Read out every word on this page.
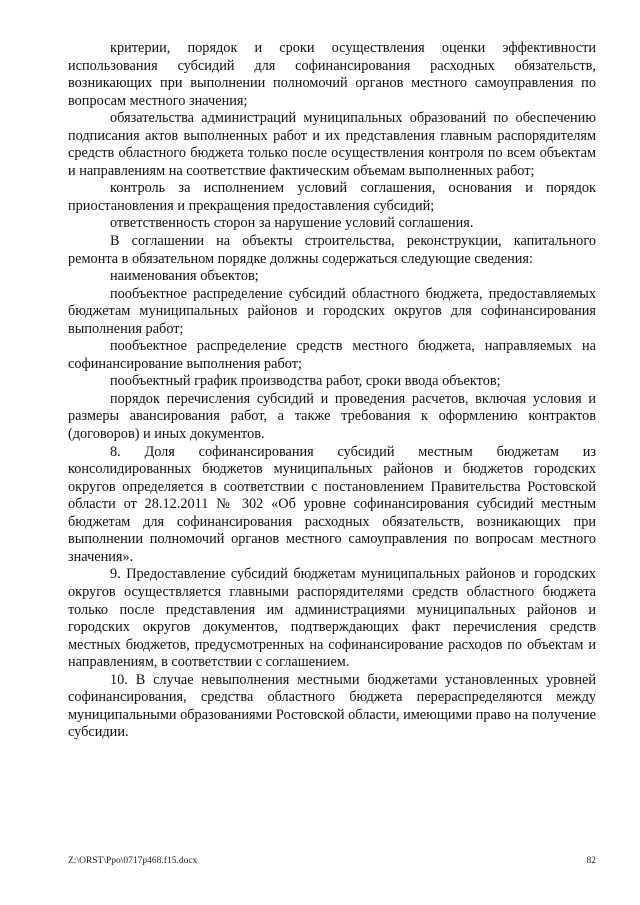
критерии, порядок и сроки осуществления оценки эффективности использования субсидий для софинансирования расходных обязательств, возникающих при выполнении полномочий органов местного самоуправления по вопросам местного значения;

обязательства администраций муниципальных образований по обеспечению подписания актов выполненных работ и их представления главным распорядителям средств областного бюджета только после осуществления контроля по всем объектам и направлениям на соответствие фактическим объемам выполненных работ;

контроль за исполнением условий соглашения, основания и порядок приостановления и прекращения предоставления субсидий;

ответственность сторон за нарушение условий соглашения.

В соглашении на объекты строительства, реконструкции, капитального ремонта в обязательном порядке должны содержаться следующие сведения:

наименования объектов;

пообъектное распределение субсидий областного бюджета, предоставляемых бюджетам муниципальных районов и городских округов для софинансирования выполнения работ;

пообъектное распределение средств местного бюджета, направляемых на софинансирование выполнения работ;

пообъектный график производства работ, сроки ввода объектов;

порядок перечисления субсидий и проведения расчетов, включая условия и размеры авансирования работ, а также требования к оформлению контрактов (договоров) и иных документов.

8. Доля софинансирования субсидий местным бюджетам из консолидированных бюджетов муниципальных районов и бюджетов городских округов определяется в соответствии с постановлением Правительства Ростовской области от 28.12.2011 № 302 «Об уровне софинансирования субсидий местным бюджетам для софинансирования расходных обязательств, возникающих при выполнении полномочий органов местного самоуправления по вопросам местного значения».

9. Предоставление субсидий бюджетам муниципальных районов и городских округов осуществляется главными распорядителями средств областного бюджета только после представления им администрациями муниципальных районов и городских округов документов, подтверждающих факт перечисления средств местных бюджетов, предусмотренных на софинансирование расходов по объектам и направлениям, в соответствии с соглашением.

10. В случае невыполнения местными бюджетами установленных уровней софинансирования, средства областного бюджета перераспределяются между муниципальными образованиями Ростовской области, имеющими право на получение субсидии.

Z:\ORST\Ppo\0717p468.f15.docx	82
